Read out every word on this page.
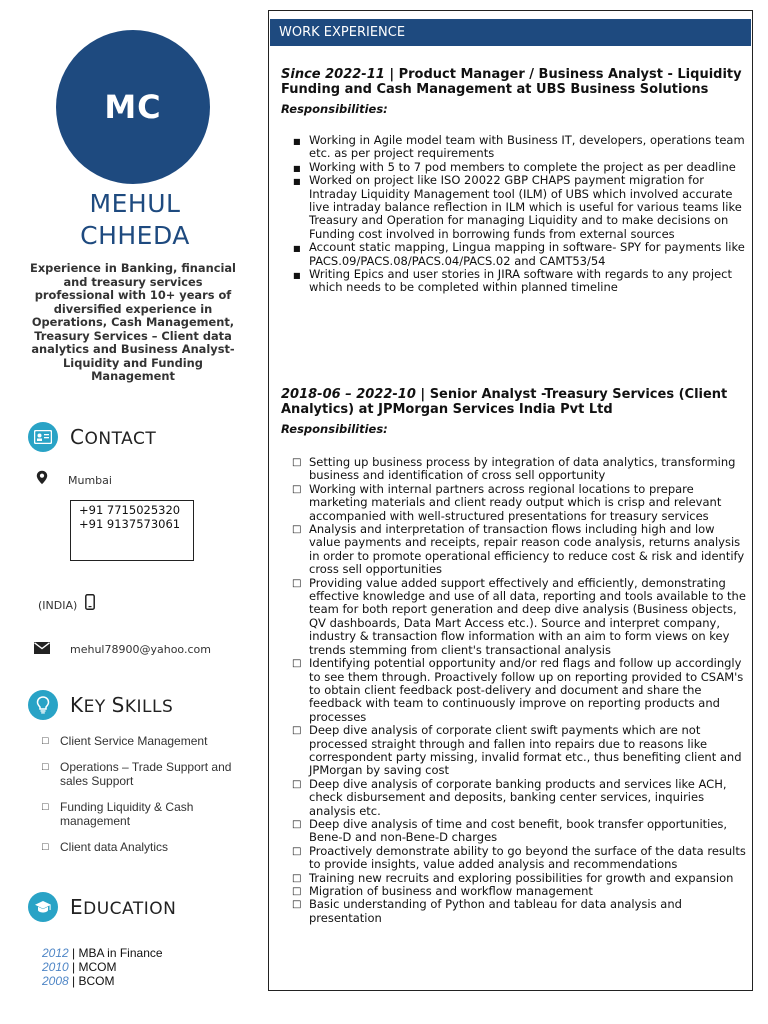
MC
MEHUL
CHHEDA
Experience in Banking, financial and treasury services professional with 10+ years of diversified experience in Operations, Cash Management, Treasury Services – Client data analytics and Business Analyst- Liquidity and Funding Management
CONTACT
Mumbai
+91 7715025320
+91 9137573061
(INDIA)
mehul78900@yahoo.com
KEY SKILLS
□ Client Service Management
□ Operations – Trade Support and sales Support
□ Funding Liquidity & Cash management
□ Client data Analytics
EDUCATION
2012 | MBA in Finance
2010 | MCOM
2008 | BCOM
WORK EXPERIENCE
Since 2022-11 | Product Manager / Business Analyst - Liquidity Funding and Cash Management at UBS Business Solutions
Responsibilities:
■ Working in Agile model team with Business IT, developers, operations team etc. as per project requirements
■ Working with 5 to 7 pod members to complete the project as per deadline
■ Worked on project like ISO 20022 GBP CHAPS payment migration for Intraday Liquidity Management tool (ILM) of UBS which involved accurate live intraday balance reflection in ILM which is useful for various teams like Treasury and Operation for managing Liquidity and to make decisions on Funding cost involved in borrowing funds from external sources
■ Account static mapping, Lingua mapping in software- SPY for payments like PACS.09/PACS.08/PACS.04/PACS.02 and CAMT53/54
■ Writing Epics and user stories in JIRA software with regards to any project which needs to be completed within planned timeline
2018-06 – 2022-10 | Senior Analyst -Treasury Services (Client Analytics) at JPMorgan Services India Pvt Ltd
Responsibilities:
□ Setting up business process by integration of data analytics, transforming business and identification of cross sell opportunity
□ Working with internal partners across regional locations to prepare marketing materials and client ready output which is crisp and relevant accompanied with well-structured presentations for treasury services
□ Analysis and interpretation of transaction flows including high and low value payments and receipts, repair reason code analysis, returns analysis in order to promote operational efficiency to reduce cost & risk and identify cross sell opportunities
□ Providing value added support effectively and efficiently, demonstrating effective knowledge and use of all data, reporting and tools available to the team for both report generation and deep dive analysis (Business objects, QV dashboards, Data Mart Access etc.). Source and interpret company, industry & transaction flow information with an aim to form views on key trends stemming from client's transactional analysis
□ Identifying potential opportunity and/or red flags and follow up accordingly to see them through. Proactively follow up on reporting provided to CSAM's to obtain client feedback post-delivery and document and share the feedback with team to continuously improve on reporting products and processes
□ Deep dive analysis of corporate client swift payments which are not processed straight through and fallen into repairs due to reasons like correspondent party missing, invalid format etc., thus benefiting client and JPMorgan by saving cost
□ Deep dive analysis of corporate banking products and services like ACH, check disbursement and deposits, banking center services, inquiries analysis etc.
□ Deep dive analysis of time and cost benefit, book transfer opportunities, Bene-D and non-Bene-D charges
□ Proactively demonstrate ability to go beyond the surface of the data results to provide insights, value added analysis and recommendations
□ Training new recruits and exploring possibilities for growth and expansion
□ Migration of business and workflow management
□ Basic understanding of Python and tableau for data analysis and presentation
